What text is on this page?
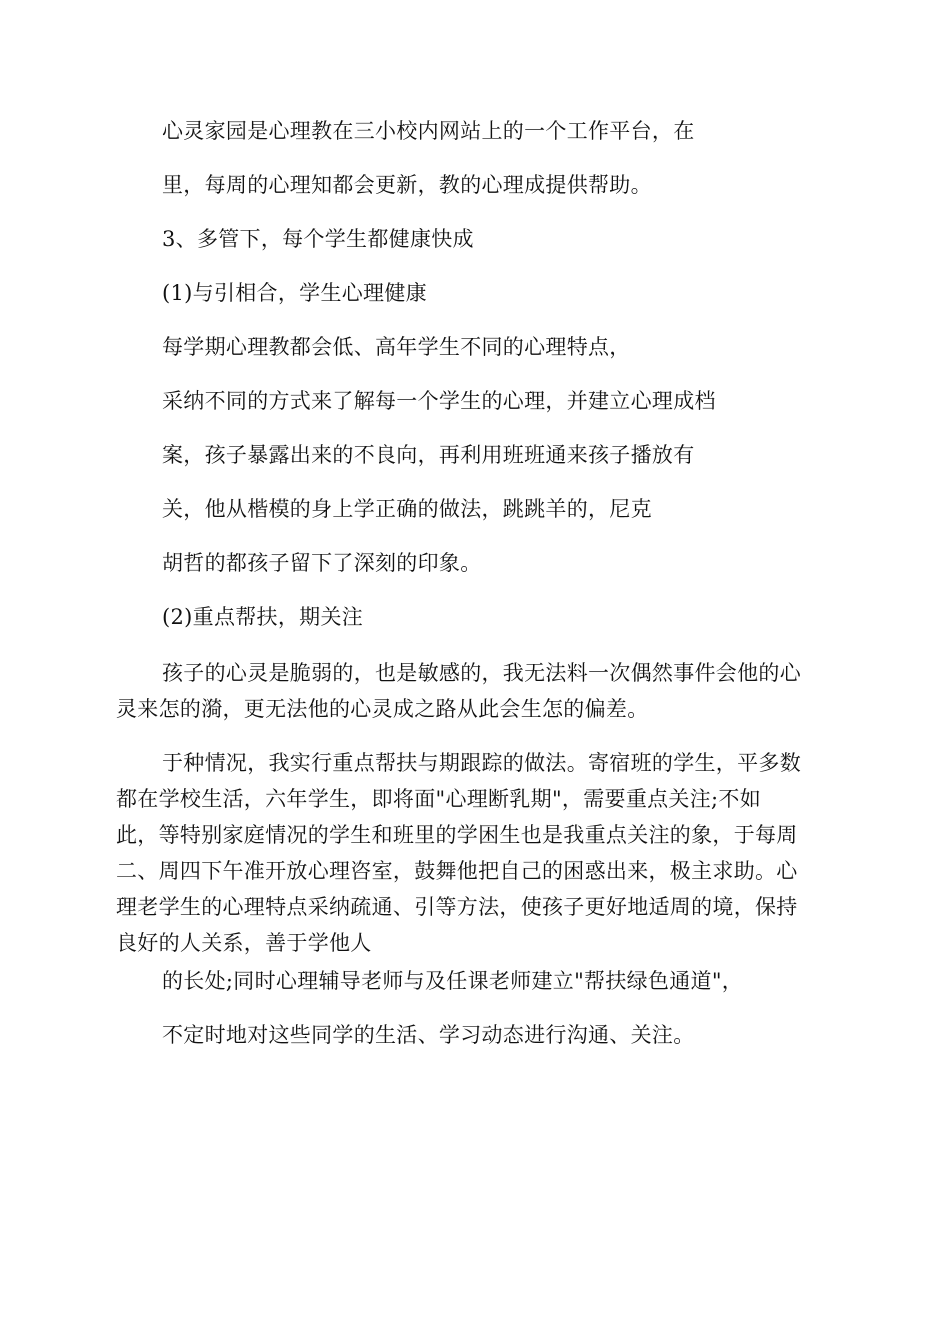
心灵家园是心理教在三小校内网站上的一个工作平台，在
里，每周的心理知都会更新，教的心理成提供帮助。
3、多管下，每个学生都健康快成
(1)与引相合，学生心理健康
每学期心理教都会低、高年学生不同的心理特点，
采纳不同的方式来了解每一个学生的心理，并建立心理成档
案，孩子暴露出来的不良向，再利用班班通来孩子播放有
关，他从楷模的身上学正确的做法，跳跳羊的，尼克
胡哲的都孩子留下了深刻的印象。
(2)重点帮扶，期关注
孩子的心灵是脆弱的，也是敏感的，我无法料一次偶然事件会他的心
灵来怎的漪，更无法他的心灵成之路从此会生怎的偏差。
于种情况，我实行重点帮扶与期跟踪的做法。寄宿班的学生，平多数
都在学校生活，六年学生，即将面"心理断乳期"，需要重点关注;不如
此，等特别家庭情况的学生和班里的学困生也是我重点关注的象，于每周
二、周四下午准开放心理咨室，鼓舞他把自己的困惑出来，极主求助。心
理老学生的心理特点采纳疏通、引等方法，使孩子更好地适周的境，保持
良好的人关系，善于学他人
的长处;同时心理辅导老师与及任课老师建立"帮扶绿色通道"，
不定时地对这些同学的生活、学习动态进行沟通、关注。
